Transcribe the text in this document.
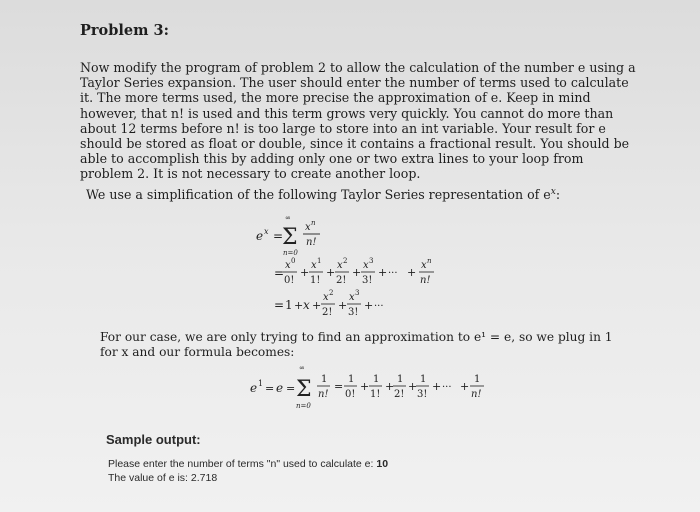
Problem 3:
Now modify the program of problem 2 to allow the calculation of the number e using a Taylor Series expansion. The user should enter the number of terms used to calculate it. The more terms used, the more precise the approximation of e. Keep in mind however, that n! is used and this term grows very quickly. You cannot do more than about 12 terms before n! is too large to store into an int variable. Your result for e should be stored as float or double, since it contains a fractional result. You should be able to accomplish this by adding only one or two extra lines to your loop from problem 2. It is not necessary to create another loop.
We use a simplification of the following Taylor Series representation of $e^x$:
e x =
∞
Σ
n=0
x n
n!
=
x 0
0!
+
x 1
1!
+
x 2
2!
+
x 3
3!
+ ··· +
x n
n!
= 1 + x +
x 2
2!
+
x 3
3!
+ ···
For our case, we are only trying to find an approximation to e¹ = e, so we plug in 1 for x and our formula becomes:
e 1 = e =
∞
Σ
n=0
1
n!
=
1
0!
+
1
1!
+
1
2!
+
1
3!
+ ··· +
1
n!
Sample output:
Please enter the number of terms "n" used to calculate e: 10
The value of e is: 2.718
